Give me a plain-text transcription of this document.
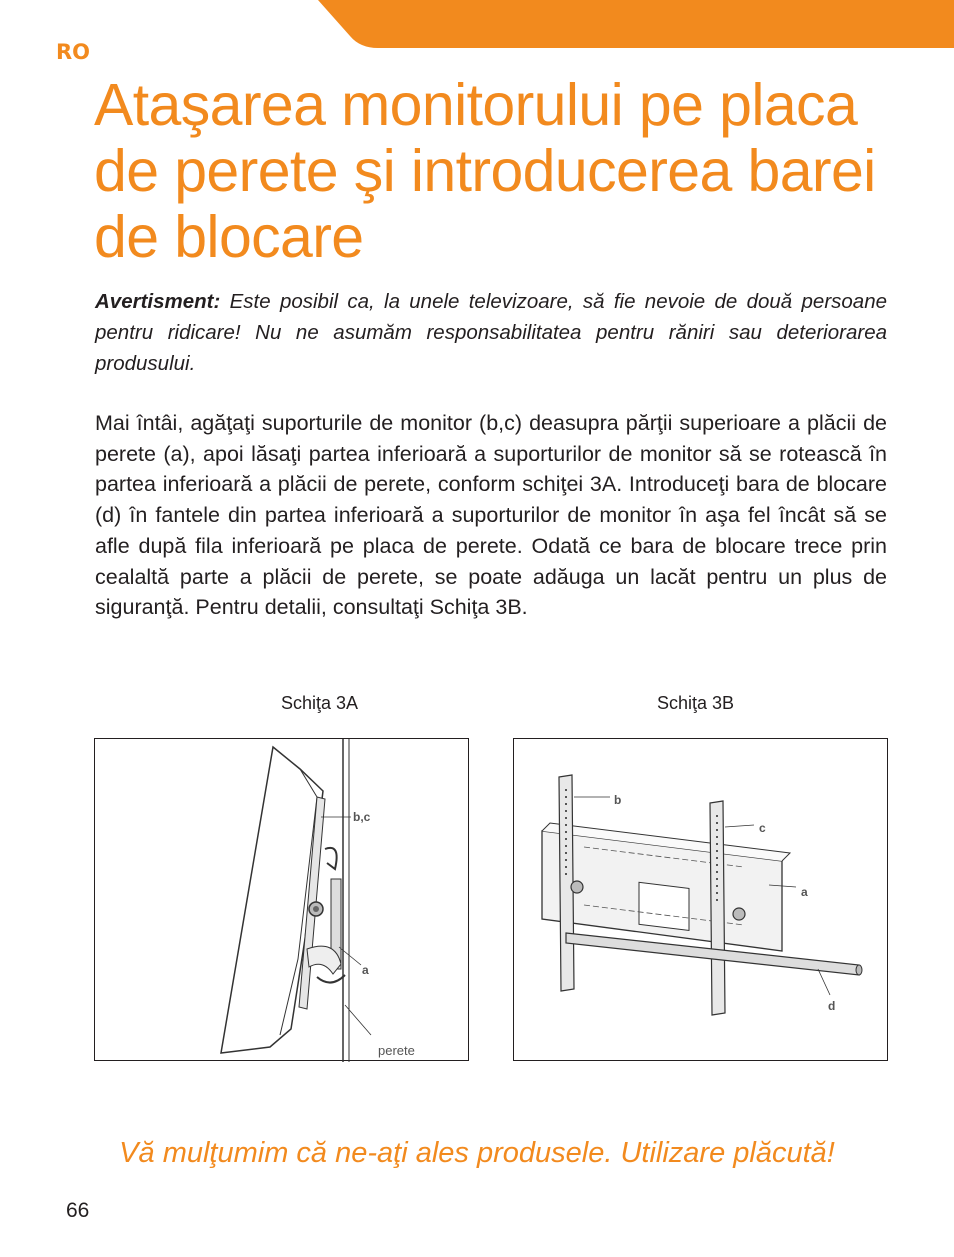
RO
Ataşarea monitorului pe placa de perete şi introducerea barei de blocare

Avertisment: Este posibil ca, la unele televizoare, să fie nevoie de două persoane pentru ridicare! Nu ne asumăm responsabilitatea pentru răniri sau deteriorarea produsului.

Mai întâi, agăţaţi suporturile de monitor (b,c) deasupra părţii superioare a plăcii de perete (a), apoi lăsaţi partea inferioară a suporturilor de monitor să se rotească în partea inferioară a plăcii de perete, conform schiţei 3A. Introduceţi bara de blocare (d) în fantele din partea inferioară a suporturilor de monitor în aşa fel încât să se afle după fila inferioară pe placa de perete. Odată ce bara de blocare trece prin cealaltă parte a plăcii de perete, se poate adăuga un lacăt pentru un plus de siguranţă. Pentru detalii, consultaţi Schiţa 3B.

Schiţa 3A	Schiţa 3B
b,c
a
perete
b
c
a
d
Vă mulţumim că ne-aţi ales produsele. Utilizare plăcută!
66
